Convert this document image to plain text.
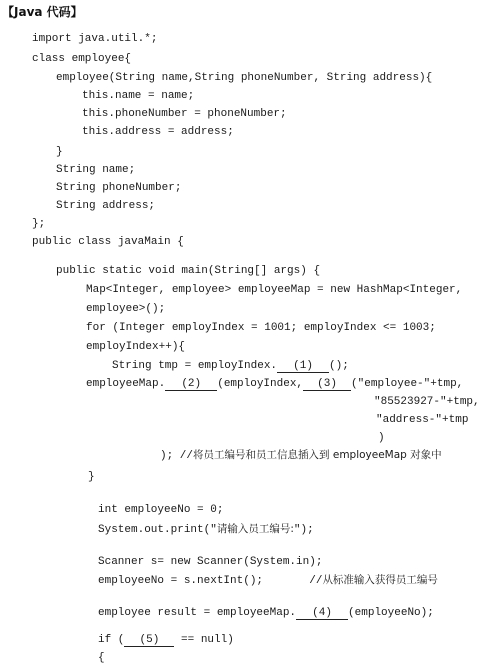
【Java 代码】
import java.util.*;
class employee{
employee(String name,String phoneNumber, String address){
this.name = name;
this.phoneNumber = phoneNumber;
this.address = address;
}
String name;
String phoneNumber;
String address;
};
public class javaMain {
public static void main(String[] args) {
Map<Integer, employee> employeeMap = new HashMap<Integer,
employee>();
for (Integer employIndex = 1001; employIndex <= 1003;
employIndex++){
String tmp = employIndex. (1) ();
employeeMap. (2) (employIndex, (3) ("employee-"+tmp,
"85523927-"+tmp,
"address-"+tmp
)
); //将员工编号和员工信息插入到 employeeMap 对象中
}
int employeeNo = 0;
System.out.print("请输入员工编号:");
Scanner s= new Scanner(System.in);
employeeNo = s.nextInt();       //从标准输入获得员工编号
employee result = employeeMap. (4) (employeeNo);
if ( (5) == null)
{
